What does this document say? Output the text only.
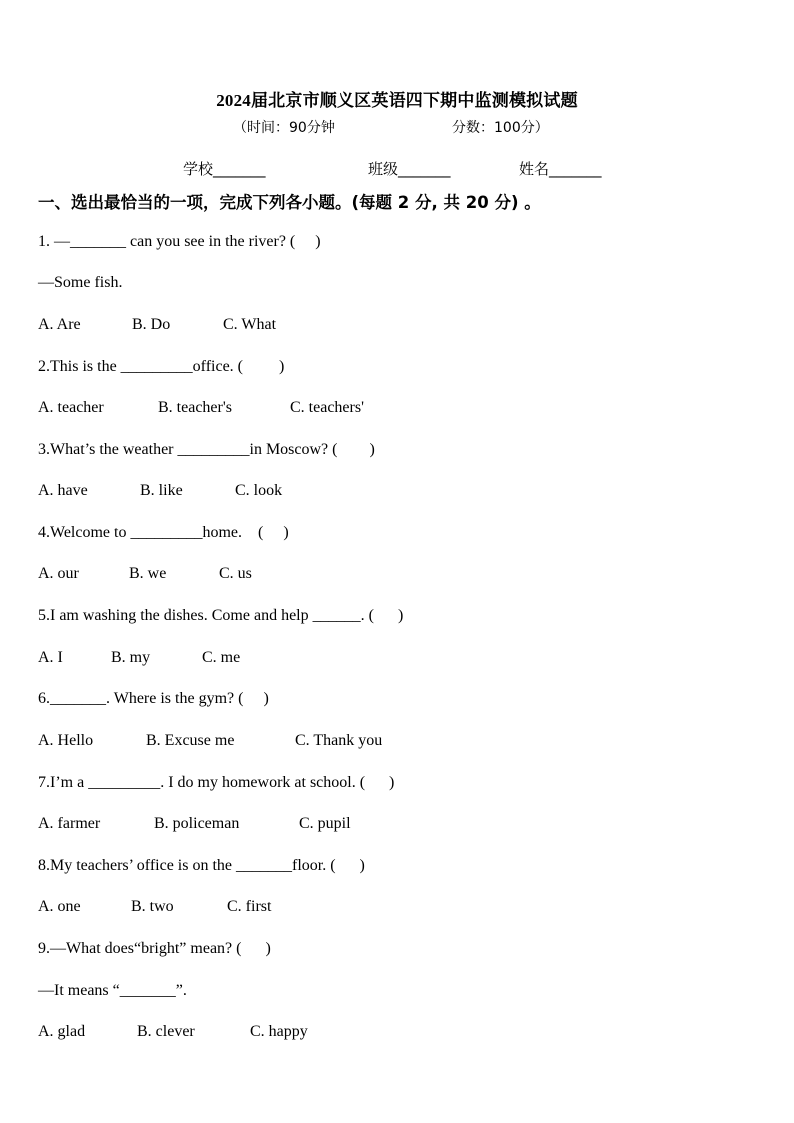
2024届北京市顺义区英语四下期中监测模拟试题
（时间：90分钟	分数：100分）
学校_______	班级_______	姓名_______
一、选出最恰当的一项，完成下列各小题。(每题 2 分, 共 20 分) 。
1. —_______ can you see in the river? (     )
—Some fish.
A. Are	B. Do	C. What
2.This is the _________office. (         )
A. teacher	B. teacher's	C. teachers'
3.What’s the weather _________in Moscow? (        )
A. have	B. like	C. look
4.Welcome to _________home.    (     )
A. our	B. we	C. us
5.I am washing the dishes. Come and help ______. (      )
A. I	B. my	C. me
6._______. Where is the gym? (     )
A. Hello	B. Excuse me	C. Thank you
7.I’m a _________. I do my homework at school. (      )
A. farmer	B. policeman	C. pupil
8.My teachers’ office is on the _______floor. (      )
A. one	B. two	C. first
9.—What does“bright” mean? (      )
—It means “_______”.
A. glad	B. clever	C. happy
